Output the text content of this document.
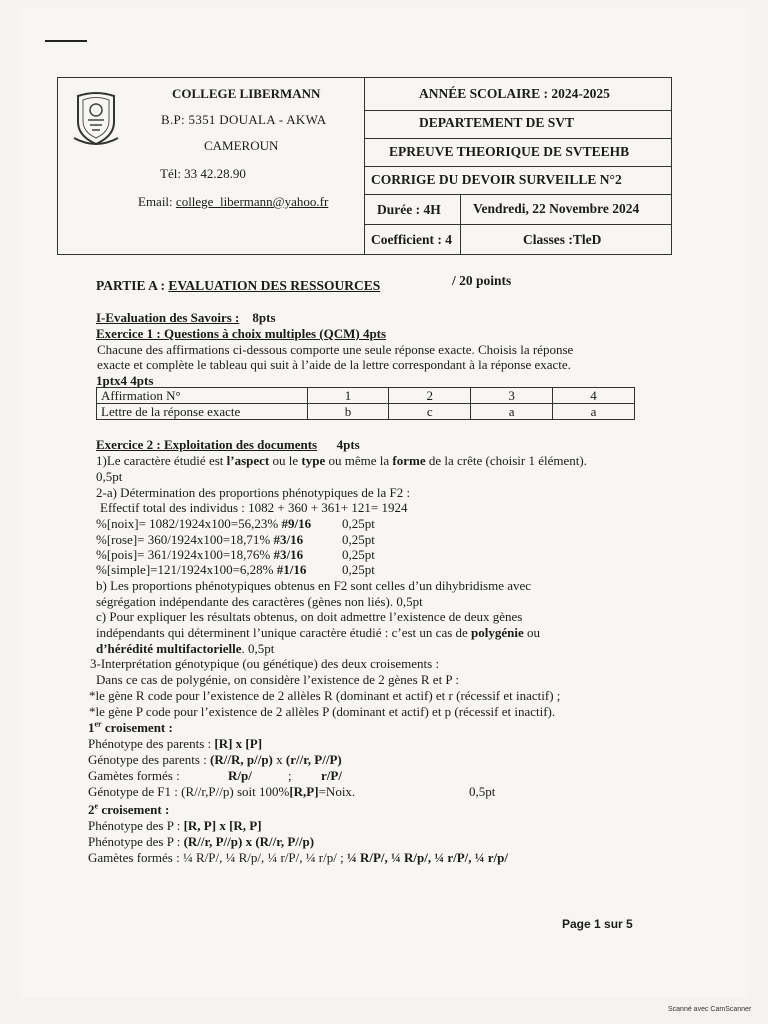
COLLEGE LIBERMANN
B.P: 5351 DOUALA - AKWA
CAMEROUN
Tél: 33 42.28.90
Email: college_libermann@yahoo.fr
ANNÉE SCOLAIRE : 2024-2025
DEPARTEMENT DE SVT
EPREUVE THEORIQUE DE SVTEEHB
CORRIGE DU DEVOIR SURVEILLE N°2
Durée : 4H Vendredi, 22 Novembre 2024
Coefficient : 4	Classes :TleD
PARTIE A : EVALUATION DES RESSOURCES	/ 20 points
I-Evaluation des Savoirs : 8pts
Exercice 1 : Questions à choix multiples (QCM) 4pts
Chacune des affirmations ci-dessous comporte une seule réponse exacte. Choisis la réponse
exacte et complète le tableau qui suit à l’aide de la lettre correspondant à la réponse exacte.
1ptx4 4pts
Affirmation N°	1	2	3	4
Lettre de la réponse exacte	b	c	a	a
Exercice 2 : Exploitation des documents 4pts
1)Le caractère étudié est l’aspect ou le type ou même la forme de la crête (choisir 1 élément).
0,5pt
2-a) Détermination des proportions phénotypiques de la F2 :
Effectif total des individus : 1082 + 360 + 361+ 121= 1924
%[noix]= 1082/1924x100=56,23% #9/16 0,25pt
%[rose]= 360/1924x100=18,71% #3/16	0,25pt
%[pois]= 361/1924x100=18,76% #3/16	0,25pt
%[simple]=121/1924x100=6,28% #1/16	0,25pt
b) Les proportions phénotypiques obtenus en F2 sont celles d’un dihybridisme avec
ségrégation indépendante des caractères (gènes non liés). 0,5pt
c) Pour expliquer les résultats obtenus, on doit admettre l’existence de deux gènes
indépendants qui déterminent l’unique caractère étudié : c’est un cas de polygénie ou
d’hérédité multifactorielle. 0,5pt
3-Interprétation génotypique (ou génétique) des deux croisements :
Dans ce cas de polygénie, on considère l’existence de 2 gènes R et P :
*le gène R code pour l’existence de 2 allèles R (dominant et actif) et r (récessif et inactif) ;
*le gène P code pour l’existence de 2 allèles P (dominant et actif) et p (récessif et inactif).
1er croisement :
Phénotype des parents : [R] x [P]
Génotype des parents : (R//R, p//p) x (r//r, P//P)
Gamètes formés :	R/p/	; r/P/
Génotype de F1 : (R//r,P//p) soit 100%[R,P]=Noix.	0,5pt
2e croisement :
Phénotype des P : [R, P] x [R, P]
Phénotype des P : (R//r, P//p) x (R//r, P//p)
Gamètes formés : ¼ R/P/, ¼ R/p/, ¼ r/P/, ¼ r/p/ ; ¼ R/P/, ¼ R/p/, ¼ r/P/, ¼ r/p/
Page 1 sur 5
Scanné avec CamScanner
